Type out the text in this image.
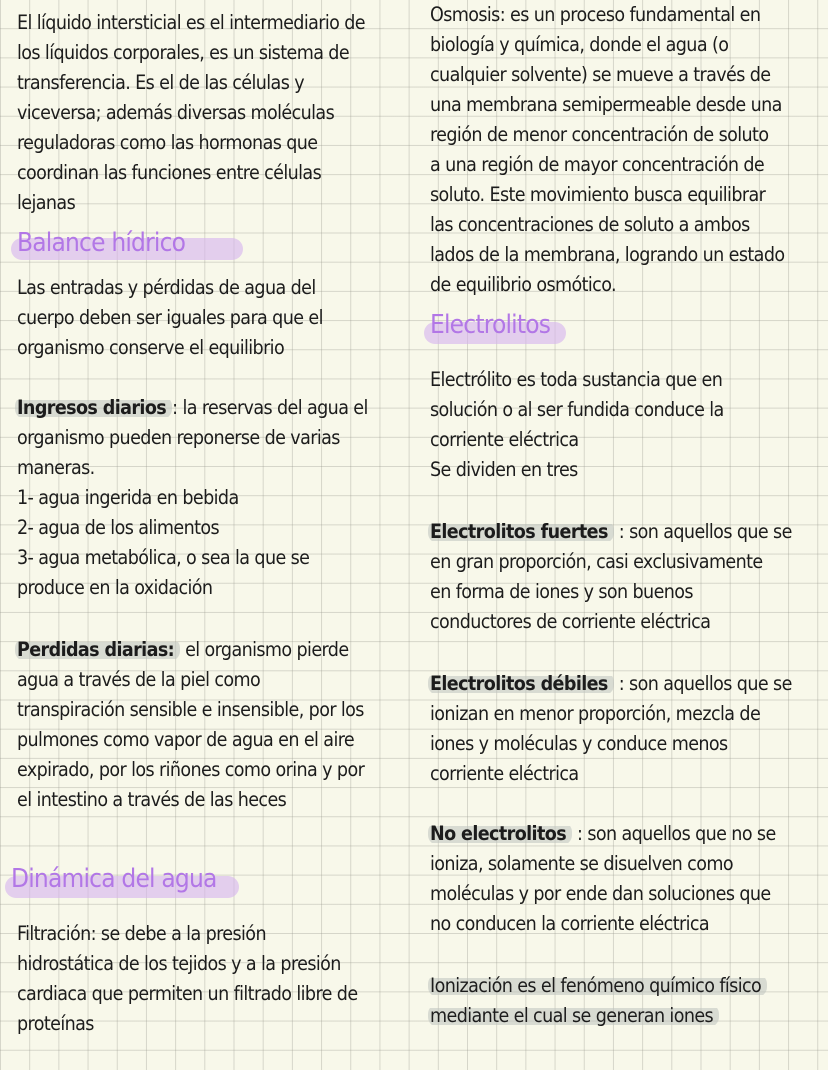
El líquido intersticial es el intermediario de
los líquidos corporales, es un sistema de
transferencia. Es el de las células y
viceversa; además diversas moléculas
reguladoras como las hormonas que
coordinan las funciones entre células
lejanas
Balance hídrico
Las entradas y pérdidas de agua del
cuerpo deben ser iguales para que el
organismo conserve el equilibrio
Ingresos diarios : la reservas del agua el
organismo pueden reponerse de varias
maneras.
1- agua ingerida en bebida
2- agua de los alimentos
3- agua metabólica, o sea la que se
produce en la oxidación
Perdidas diarias: el organismo pierde
agua a través de la piel como
transpiración sensible e insensible, por los
pulmones como vapor de agua en el aire
expirado, por los riñones como orina y por
el intestino a través de las heces
Dinámica del agua
Filtración: se debe a la presión
hidrostática de los tejidos y a la presión
cardiaca que permiten un filtrado libre de
proteínas
Osmosis: es un proceso fundamental en
biología y química, donde el agua (o
cualquier solvente) se mueve a través de
una membrana semipermeable desde una
región de menor concentración de soluto
a una región de mayor concentración de
soluto. Este movimiento busca equilibrar
las concentraciones de soluto a ambos
lados de la membrana, logrando un estado
de equilibrio osmótico.
Electrolitos
Electrólito es toda sustancia que en
solución o al ser fundida conduce la
corriente eléctrica
Se dividen en tres
Electrolitos fuertes : son aquellos que se
en gran proporción, casi exclusivamente
en forma de iones y son buenos
conductores de corriente eléctrica
Electrolitos débiles : son aquellos que se
ionizan en menor proporción, mezcla de
iones y moléculas y conduce menos
corriente eléctrica
No electrolitos : son aquellos que no se
ioniza, solamente se disuelven como
moléculas y por ende dan soluciones que
no conducen la corriente eléctrica
Ionización es el fenómeno químico físico
mediante el cual se generan iones
